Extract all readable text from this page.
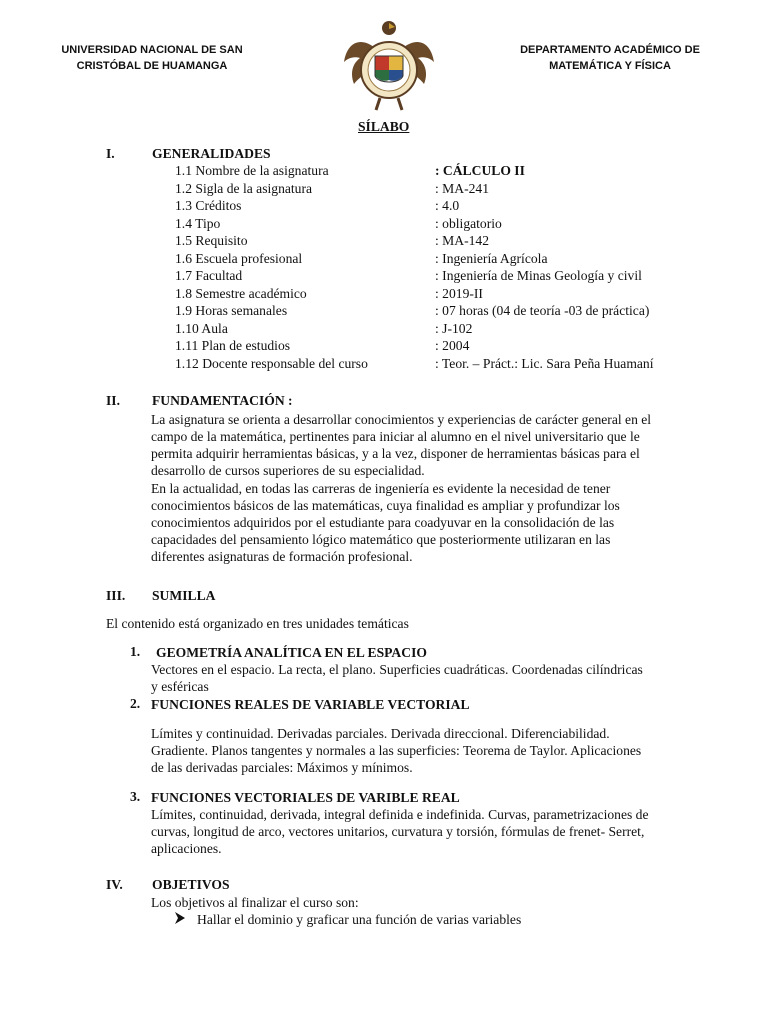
UNIVERSIDAD NACIONAL DE SAN
CRISTÓBAL DE HUAMANGA
DEPARTAMENTO ACADÉMICO DE
MATEMÁTICA Y FÍSICA
SÍLABO
I.	GENERALIDADES
1.1 Nombre de la asignatura	: CÁLCULO II
1.2 Sigla de la asignatura	: MA-241
1.3 Créditos	: 4.0
1.4 Tipo	: obligatorio
1.5 Requisito	: MA-142
1.6 Escuela profesional	: Ingeniería Agrícola
1.7 Facultad	: Ingeniería de Minas Geología y civil
1.8 Semestre académico	: 2019-II
1.9 Horas semanales	: 07 horas (04 de teoría -03 de práctica)
1.10 Aula	: J-102
1.11 Plan de estudios	: 2004
1.12 Docente responsable del curso	: Teor. – Práct.: Lic. Sara Peña Huamaní
II. FUNDAMENTACIÓN :
La asignatura se orienta a desarrollar conocimientos y experiencias de carácter general en el
campo de la matemática, pertinentes para iniciar al alumno en el nivel universitario que le
permita adquirir herramientas básicas, y a la vez, disponer de herramientas básicas para el
desarrollo de cursos superiores de su especialidad.
En la actualidad, en todas las carreras de ingeniería es evidente la necesidad de tener
conocimientos básicos de las matemáticas, cuya finalidad es ampliar y profundizar los
conocimientos adquiridos por el estudiante para coadyuvar en la consolidación de las
capacidades del pensamiento lógico matemático que posteriormente utilizaran en las
diferentes asignaturas de formación profesional.
III. SUMILLA
El contenido está organizado en tres unidades temáticas
1. GEOMETRÍA ANALÍTICA EN EL ESPACIO
Vectores en el espacio. La recta, el plano. Superficies cuadráticas. Coordenadas cilíndricas
y esféricas
2. FUNCIONES REALES DE VARIABLE VECTORIAL
Límites y continuidad. Derivadas parciales. Derivada direccional. Diferenciabilidad.
Gradiente. Planos tangentes y normales a las superficies: Teorema de Taylor. Aplicaciones
de las derivadas parciales: Máximos y mínimos.
3. FUNCIONES VECTORIALES DE VARIBLE REAL
Límites, continuidad, derivada, integral definida e indefinida. Curvas, parametrizaciones de
curvas, longitud de arco, vectores unitarios, curvatura y torsión, fórmulas de frenet- Serret,
aplicaciones.
IV. OBJETIVOS
Los objetivos al finalizar el curso son:
Hallar el dominio y graficar una función de varias variables
